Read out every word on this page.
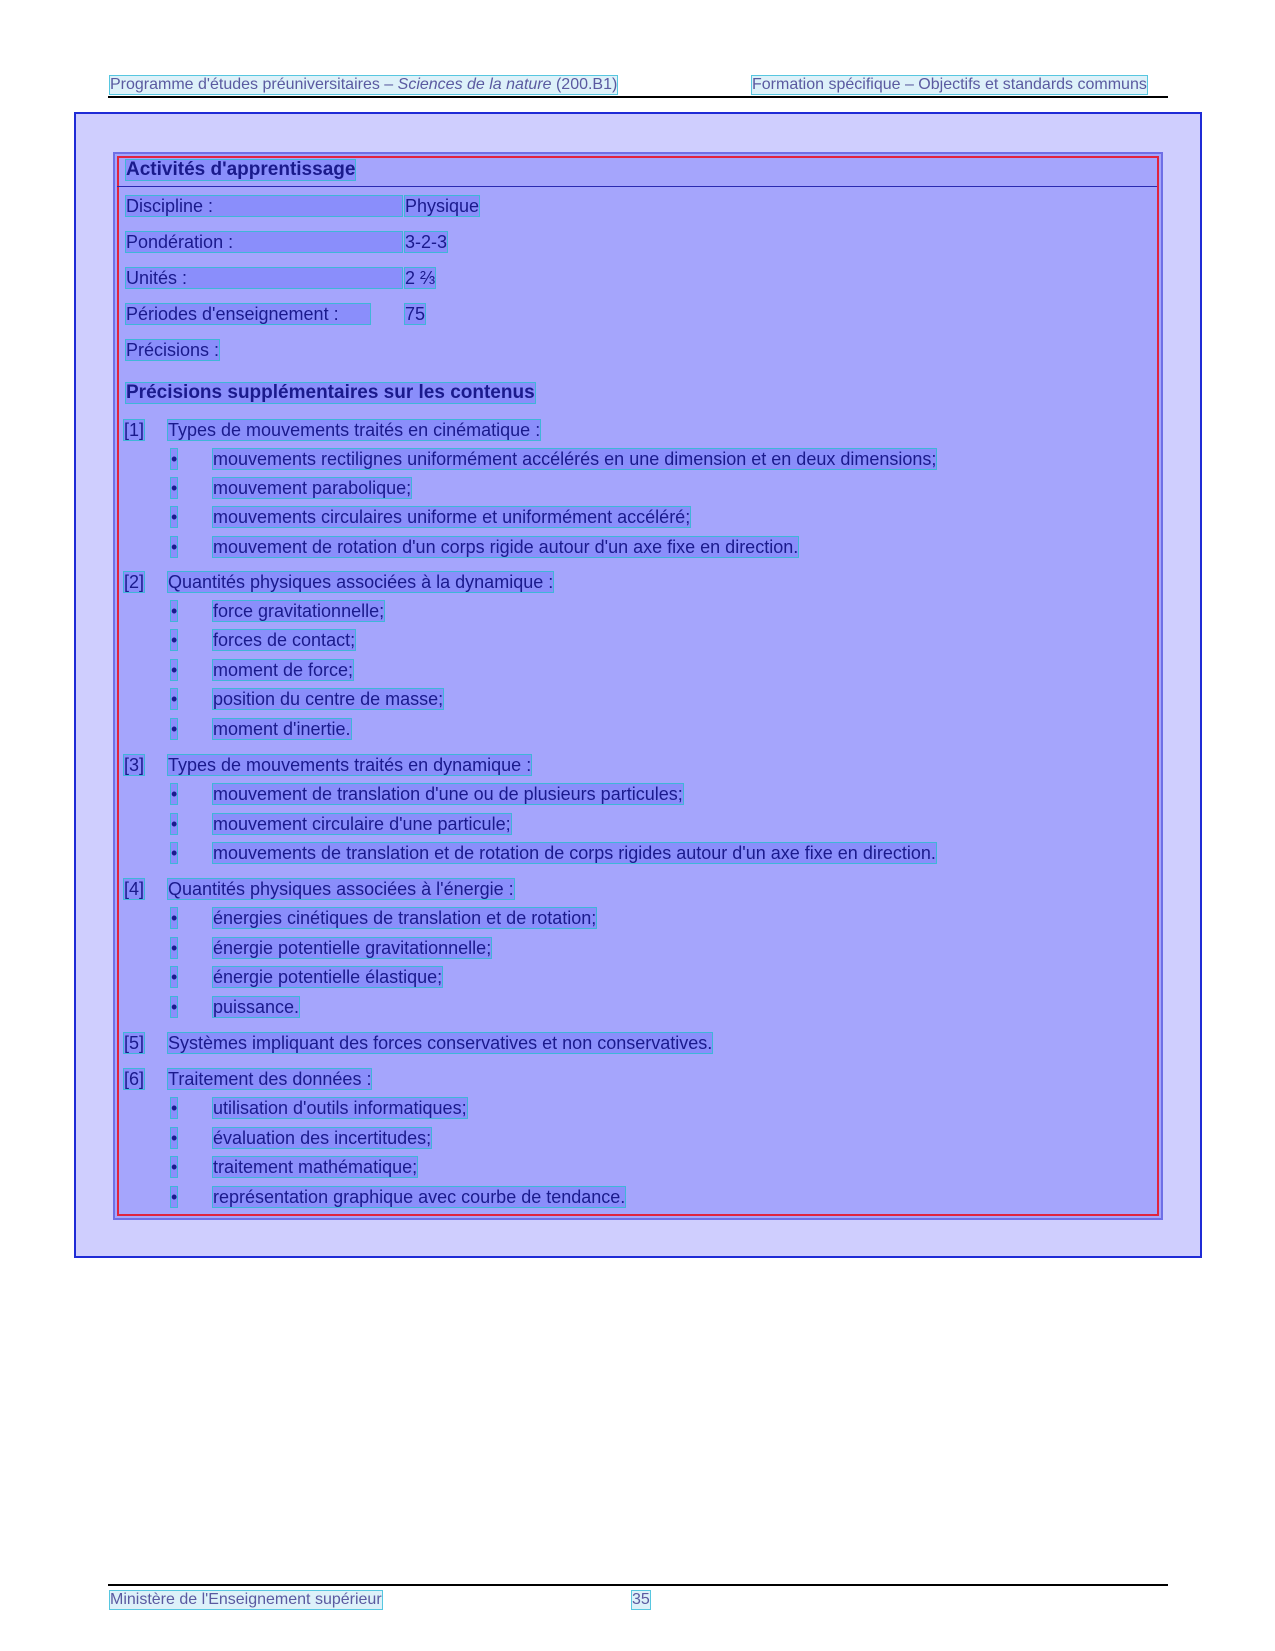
Programme d'études préuniversitaires – Sciences de la nature (200.B1)	Formation spécifique – Objectifs et standards communs
Activités d'apprentissage
Discipline :	Physique
Pondération :	3-2-3
Unités :	2 ⅔
Périodes d'enseignement :	75
Précisions :
Précisions supplémentaires sur les contenus
[1] Types de mouvements traités en cinématique :
• mouvements rectilignes uniformément accélérés en une dimension et en deux dimensions;
• mouvement parabolique;
• mouvements circulaires uniforme et uniformément accéléré;
• mouvement de rotation d'un corps rigide autour d'un axe fixe en direction.
[2] Quantités physiques associées à la dynamique :
• force gravitationnelle;
• forces de contact;
• moment de force;
• position du centre de masse;
• moment d'inertie.
[3] Types de mouvements traités en dynamique :
• mouvement de translation d'une ou de plusieurs particules;
• mouvement circulaire d'une particule;
• mouvements de translation et de rotation de corps rigides autour d'un axe fixe en direction.
[4] Quantités physiques associées à l'énergie :
• énergies cinétiques de translation et de rotation;
• énergie potentielle gravitationnelle;
• énergie potentielle élastique;
• puissance.
[5] Systèmes impliquant des forces conservatives et non conservatives.
[6] Traitement des données :
• utilisation d'outils informatiques;
• évaluation des incertitudes;
• traitement mathématique;
• représentation graphique avec courbe de tendance.
Ministère de l'Enseignement supérieur	35
